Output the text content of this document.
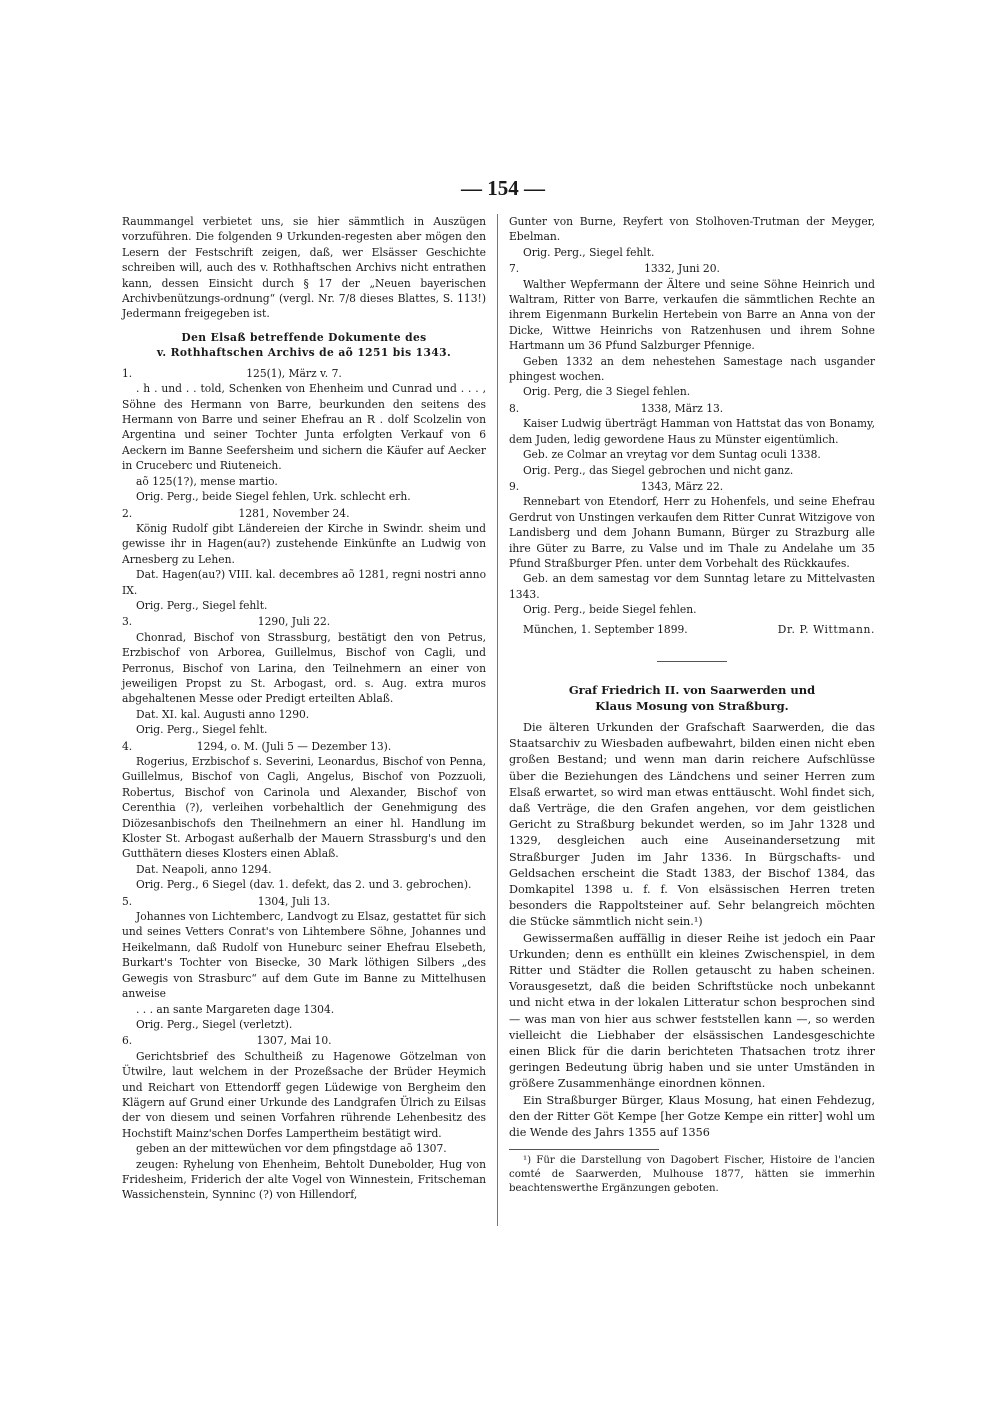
— 154 —

Raummangel verbietet uns, sie hier sämmtlich in Auszügen vorzuführen. Die folgenden 9 Urkunden-regesten aber mögen den Lesern der Festschrift zeigen, daß, wer Elsässer Geschichte schreiben will, auch des v. Rothhaftschen Archivs nicht entrathen kann, dessen Einsicht durch § 17 der „Neuen bayerischen Archivbenützungs-ordnung“ (vergl. Nr. 7/8 dieses Blattes, S. 113!) Jedermann freigegeben ist.

Den Elsaß betreffende Dokumente des
v. Rothhaftschen Archivs de aõ 1251 bis 1343.
1.	125(1), März v. 7.

. h . und . . told, Schenken von Ehenheim und Cunrad und . . . , Söhne des Hermann von Barre, beurkunden den seitens des Hermann von Barre und seiner Ehefrau an R . dolf Scolzelin von Argentina und seiner Tochter Junta erfolgten Verkauf von 6 Aeckern im Banne Seefersheim und sichern die Käufer auf Aecker in Cruceberc und Riuteneich.

aõ 125(1?), mense martio.

Orig. Perg., beide Siegel fehlen, Urk. schlecht erh.

2.	1281, November 24.

König Rudolf gibt Ländereien der Kirche in Swindr. sheim und gewisse ihr in Hagen(au?) zustehende Einkünfte an Ludwig von Arnesberg zu Lehen.

Dat. Hagen(au?) VIII. kal. decembres aõ 1281, regni nostri anno IX.

Orig. Perg., Siegel fehlt.

3.	1290, Juli 22.

Chonrad, Bischof von Strassburg, bestätigt den von Petrus, Erzbischof von Arborea, Guillelmus, Bischof von Cagli, und Perronus, Bischof von Larina, den Teilnehmern an einer von jeweiligen Propst zu St. Arbogast, ord. s. Aug. extra muros abgehaltenen Messe oder Predigt erteilten Ablaß.

Dat. XI. kal. Augusti anno 1290.

Orig. Perg., Siegel fehlt.

4.	1294, o. M. (Juli 5 — Dezember 13).

Rogerius, Erzbischof s. Severini, Leonardus, Bischof von Penna, Guillelmus, Bischof von Cagli, Angelus, Bischof von Pozzuoli, Robertus, Bischof von Carinola und Alexander, Bischof von Cerenthia (?), verleihen vorbehaltlich der Genehmigung des Diözesanbischofs den Theilnehmern an einer hl. Handlung im Kloster St. Arbogast außerhalb der Mauern Strassburg's und den Gutthätern dieses Klosters einen Ablaß.

Dat. Neapoli, anno 1294.

Orig. Perg., 6 Siegel (dav. 1. defekt, das 2. und 3. gebrochen).

5.	1304, Juli 13.

Johannes von Lichtemberc, Landvogt zu Elsaz, gestattet für sich und seines Vetters Conrat's von Lihtembere Söhne, Johannes und Heikelmann, daß Rudolf von Huneburc seiner Ehefrau Elsebeth, Burkart's Tochter von Bisecke, 30 Mark löthigen Silbers „des Gewegis von Strasburc“ auf dem Gute im Banne zu Mittelhusen anweise

. . . an sante Margareten dage 1304.

Orig. Perg., Siegel (verletzt).

6.	1307, Mai 10.

Gerichtsbrief des Schultheiß zu Hagenowe Götzelman von Ütwilre, laut welchem in der Prozeßsache der Brüder Heymich und Reichart von Ettendorff gegen Lüdewige von Bergheim den Klägern auf Grund einer Urkunde des Landgrafen Ülrich zu Eilsas der von diesem und seinen Vorfahren rührende Lehenbesitz des Hochstift Mainz'schen Dorfes Lampertheim bestätigt wird.

geben an der mittewüchen vor dem pfingstdage aõ 1307.

zeugen: Ryhelung von Ehenheim, Behtolt Dunebolder, Hug von Fridesheim, Friderich der alte Vogel von Winnestein, Fritscheman Wassichenstein, Synninc (?) von Hillendorf,

Gunter von Burne, Reyfert von Stolhoven-Trutman der Meyger, Ebelman.

Orig. Perg., Siegel fehlt.

7.	1332, Juni 20.

Walther Wepfermann der Ältere und seine Söhne Heinrich und Waltram, Ritter von Barre, verkaufen die sämmtlichen Rechte an ihrem Eigenmann Burkelin Hertebein von Barre an Anna von der Dicke, Wittwe Heinrichs von Ratzenhusen und ihrem Sohne Hartmann um 36 Pfund Salzburger Pfennige.

Geben 1332 an dem nehestehen Samestage nach usgander phingest wochen.

Orig. Perg, die 3 Siegel fehlen.

8.	1338, März 13.

Kaiser Ludwig überträgt Hamman von Hattstat das von Bonamy, dem Juden, ledig gewordene Haus zu Münster eigentümlich.

Geb. ze Colmar an vreytag vor dem Suntag oculi 1338.

Orig. Perg., das Siegel gebrochen und nicht ganz.

9.	1343, März 22.

Rennebart von Etendorf, Herr zu Hohenfels, und seine Ehefrau Gerdrut von Unstingen verkaufen dem Ritter Cunrat Witzigove von Landisberg und dem Johann Bumann, Bürger zu Strazburg alle ihre Güter zu Barre, zu Valse und im Thale zu Andelahe um 35 Pfund Straßburger Pfen. unter dem Vorbehalt des Rückkaufes.

Geb. an dem samestag vor dem Sunntag letare zu Mittelvasten 1343.

Orig. Perg., beide Siegel fehlen.

München, 1. September 1899.	Dr. P. Wittmann.
Graf Friedrich II. von Saarwerden und
Klaus Mosung von Straßburg.

Die älteren Urkunden der Grafschaft Saarwerden, die das Staatsarchiv zu Wiesbaden aufbewahrt, bilden einen nicht eben großen Bestand; und wenn man darin reichere Aufschlüsse über die Beziehungen des Ländchens und seiner Herren zum Elsaß erwartet, so wird man etwas enttäuscht. Wohl findet sich, daß Verträge, die den Grafen angehen, vor dem geistlichen Gericht zu Straßburg bekundet werden, so im Jahr 1328 und 1329, desgleichen auch eine Auseinandersetzung mit Straßburger Juden im Jahr 1336. In Bürgschafts- und Geldsachen erscheint die Stadt 1383, der Bischof 1384, das Domkapitel 1398 u. f. f. Von elsässischen Herren treten besonders die Rappoltsteiner auf. Sehr belangreich möchten die Stücke sämmtlich nicht sein.¹)

Gewissermaßen auffällig in dieser Reihe ist jedoch ein Paar Urkunden; denn es enthüllt ein kleines Zwischenspiel, in dem Ritter und Städter die Rollen getauscht zu haben scheinen. Vorausgesetzt, daß die beiden Schriftstücke noch unbekannt und nicht etwa in der lokalen Litteratur schon besprochen sind — was man von hier aus schwer feststellen kann —, so werden vielleicht die Liebhaber der elsässischen Landesgeschichte einen Blick für die darin berichteten Thatsachen trotz ihrer geringen Bedeutung übrig haben und sie unter Umständen in größere Zusammenhänge einordnen können.

Ein Straßburger Bürger, Klaus Mosung, hat einen Fehdezug, den der Ritter Göt Kempe [her Gotze Kempe ein ritter] wohl um die Wende des Jahrs 1355 auf 1356

¹) Für die Darstellung von Dagobert Fischer, Histoire de l'ancien comté de Saarwerden, Mulhouse 1877, hätten sie immerhin beachtenswerthe Ergänzungen geboten.
